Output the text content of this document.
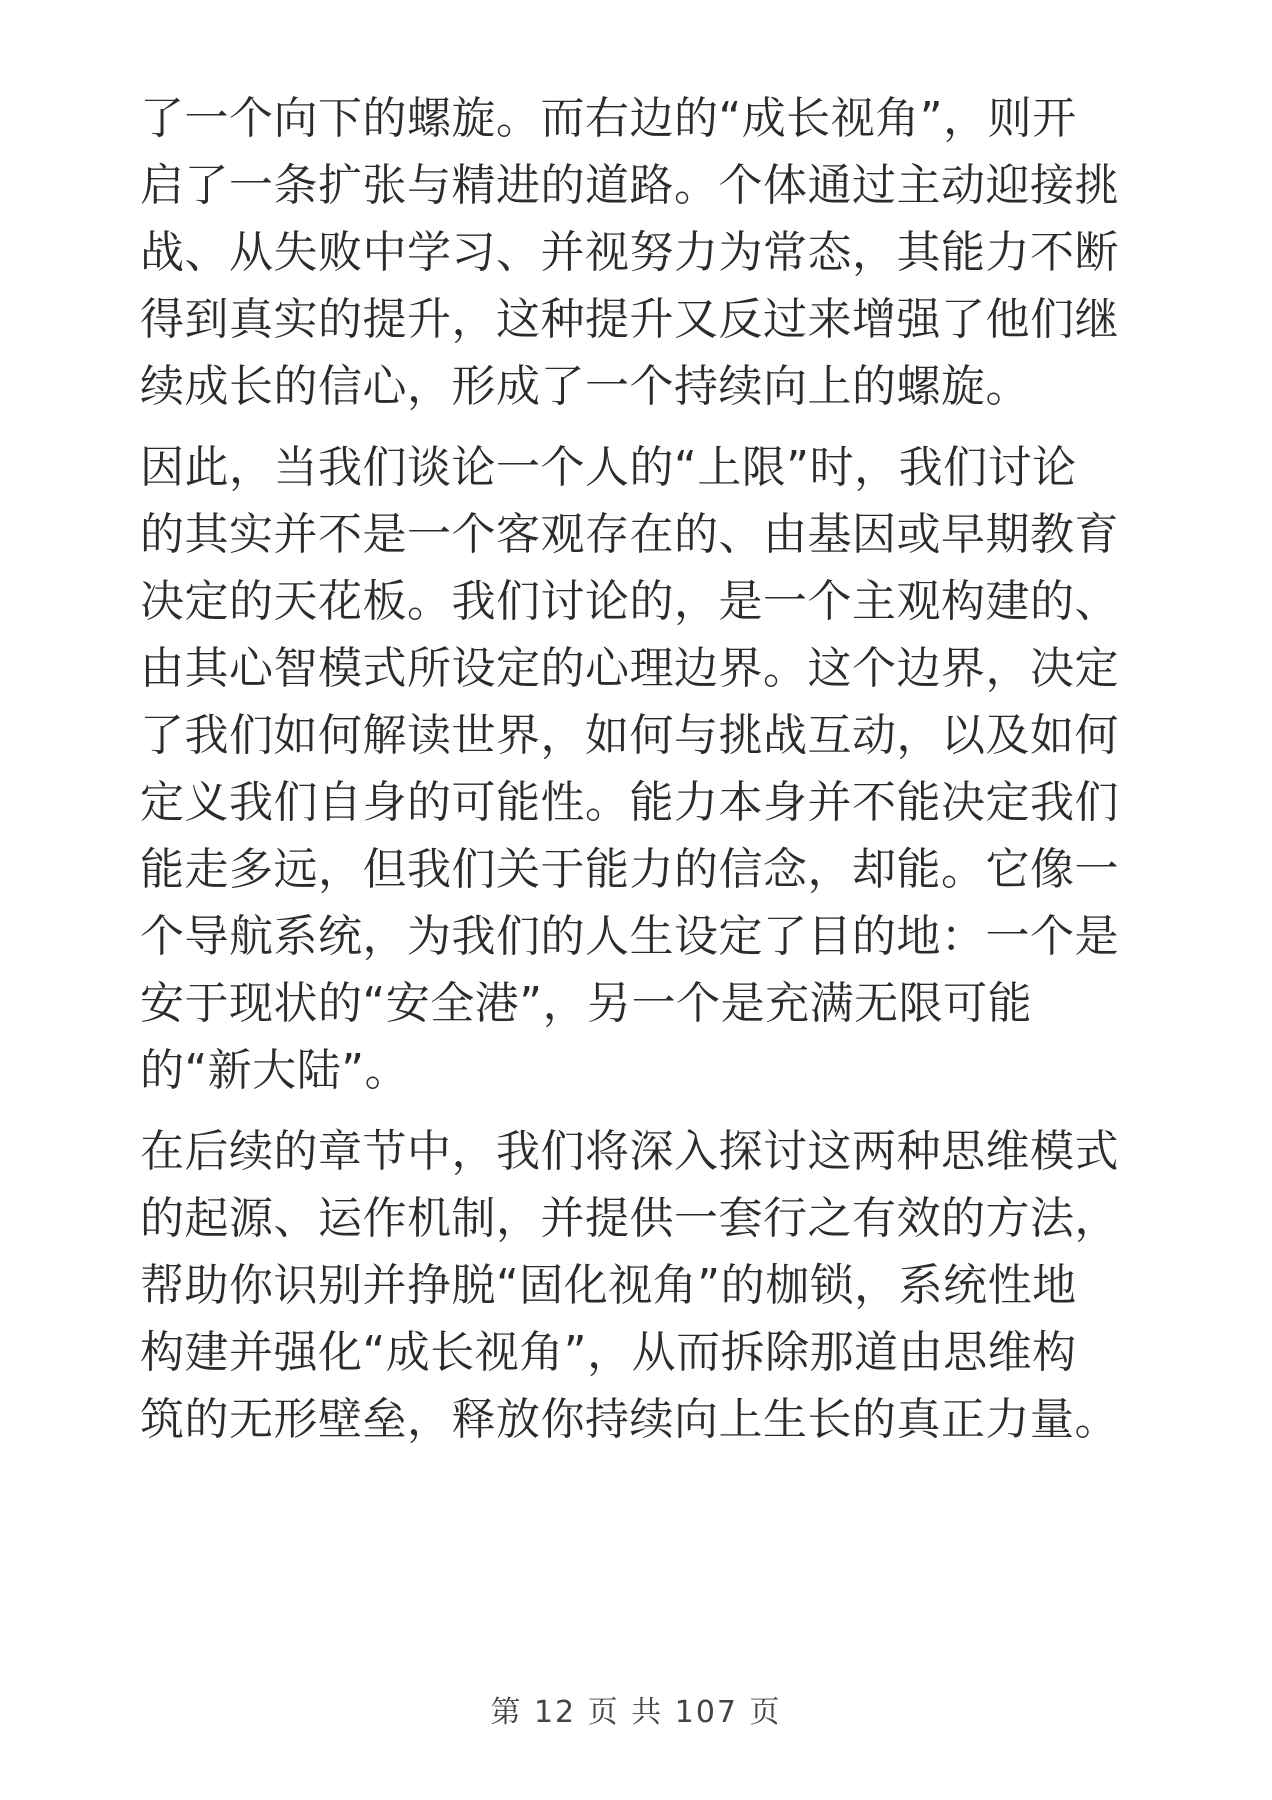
了一个向下的螺旋。而右边的“成长视角”，则开
启了一条扩张与精进的道路。个体通过主动迎接挑
战、从失败中学习、并视努力为常态，其能力不断
得到真实的提升，这种提升又反过来增强了他们继
续成长的信心，形成了一个持续向上的螺旋。
因此，当我们谈论一个人的“上限”时，我们讨论
的其实并不是一个客观存在的、由基因或早期教育
决定的天花板。我们讨论的，是一个主观构建的、
由其心智模式所设定的心理边界。这个边界，决定
了我们如何解读世界，如何与挑战互动，以及如何
定义我们自身的可能性。能力本身并不能决定我们
能走多远，但我们关于能力的信念，却能。它像一
个导航系统，为我们的人生设定了目的地：一个是
安于现状的“安全港”，另一个是充满无限可能
的“新大陆”。
在后续的章节中，我们将深入探讨这两种思维模式
的起源、运作机制，并提供一套行之有效的方法，
帮助你识别并挣脱“固化视角”的枷锁，系统性地
构建并强化“成长视角”，从而拆除那道由思维构
筑的无形壁垒，释放你持续向上生长的真正力量。
第 12 页 共 107 页
